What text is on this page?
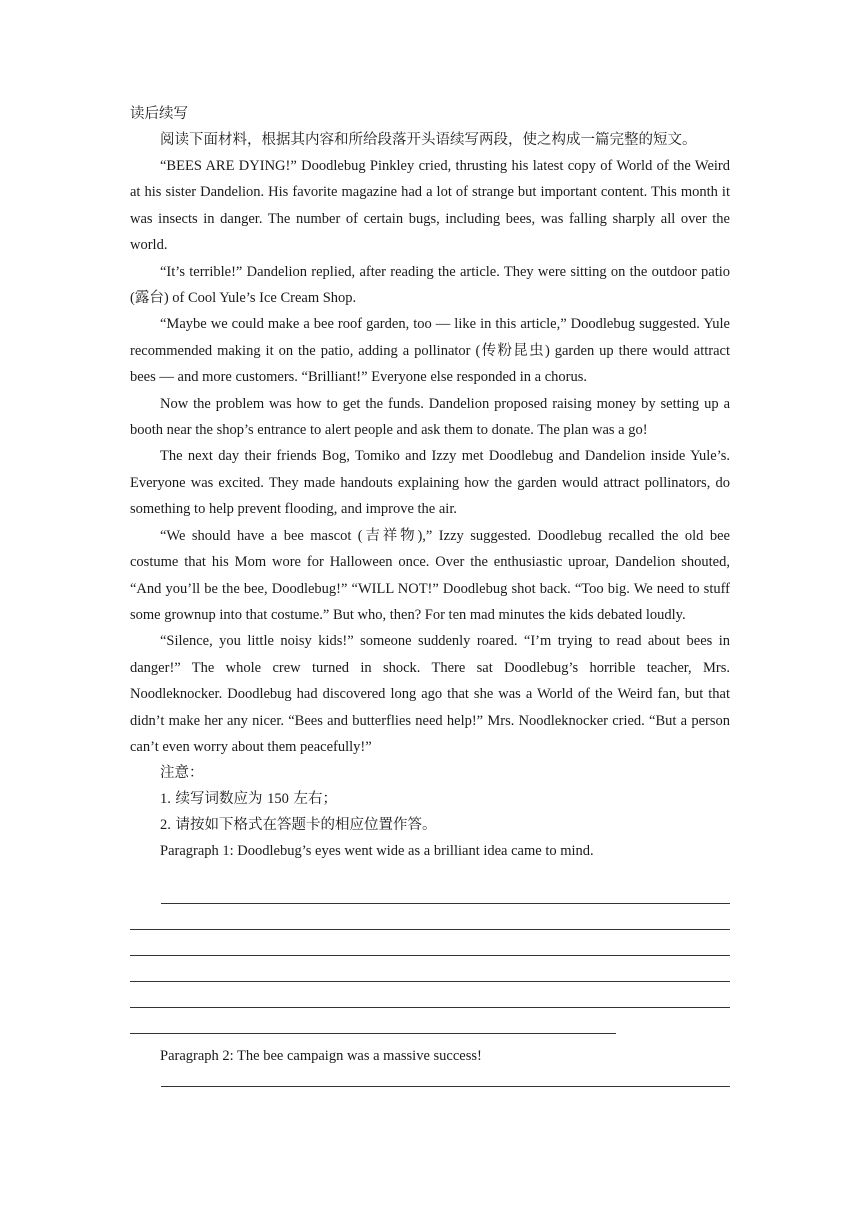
读后续写
阅读下面材料，根据其内容和所给段落开头语续写两段，使之构成一篇完整的短文。

“BEES ARE DYING!” Doodlebug Pinkley cried, thrusting his latest copy of World of the Weird at his sister Dandelion. His favorite magazine had a lot of strange but important content. This month it was insects in danger. The number of certain bugs, including bees, was falling sharply all over the world.

“It’s terrible!” Dandelion replied, after reading the article. They were sitting on the outdoor patio (露台) of Cool Yule’s Ice Cream Shop.

“Maybe we could make a bee roof garden, too — like in this article,” Doodlebug suggested. Yule recommended making it on the patio, adding a pollinator (传粉昆虫) garden up there would attract bees — and more customers. “Brilliant!” Everyone else responded in a chorus.

Now the problem was how to get the funds. Dandelion proposed raising money by setting up a booth near the shop’s entrance to alert people and ask them to donate. The plan was a go!

The next day their friends Bog, Tomiko and Izzy met Doodlebug and Dandelion inside Yule’s. Everyone was excited. They made handouts explaining how the garden would attract pollinators, do something to help prevent flooding, and improve the air.

“We should have a bee mascot (吉祥物),” Izzy suggested. Doodlebug recalled the old bee costume that his Mom wore for Halloween once. Over the enthusiastic uproar, Dandelion shouted, “And you’ll be the bee, Doodlebug!” “WILL NOT!” Doodlebug shot back. “Too big. We need to stuff some grownup into that costume.” But who, then? For ten mad minutes the kids debated loudly.

“Silence, you little noisy kids!” someone suddenly roared. “I’m trying to read about bees in danger!” The whole crew turned in shock. There sat Doodlebug’s horrible teacher, Mrs. Noodleknocker. Doodlebug had discovered long ago that she was a World of the Weird fan, but that didn’t make her any nicer. “Bees and butterflies need help!” Mrs. Noodleknocker cried. “But a person can’t even worry about them peacefully!”

注意：
1. 续写词数应为 150 左右；
2. 请按如下格式在答题卡的相应位置作答。
Paragraph 1: Doodlebug’s eyes went wide as a brilliant idea came to mind.
Paragraph 2: The bee campaign was a massive success!
